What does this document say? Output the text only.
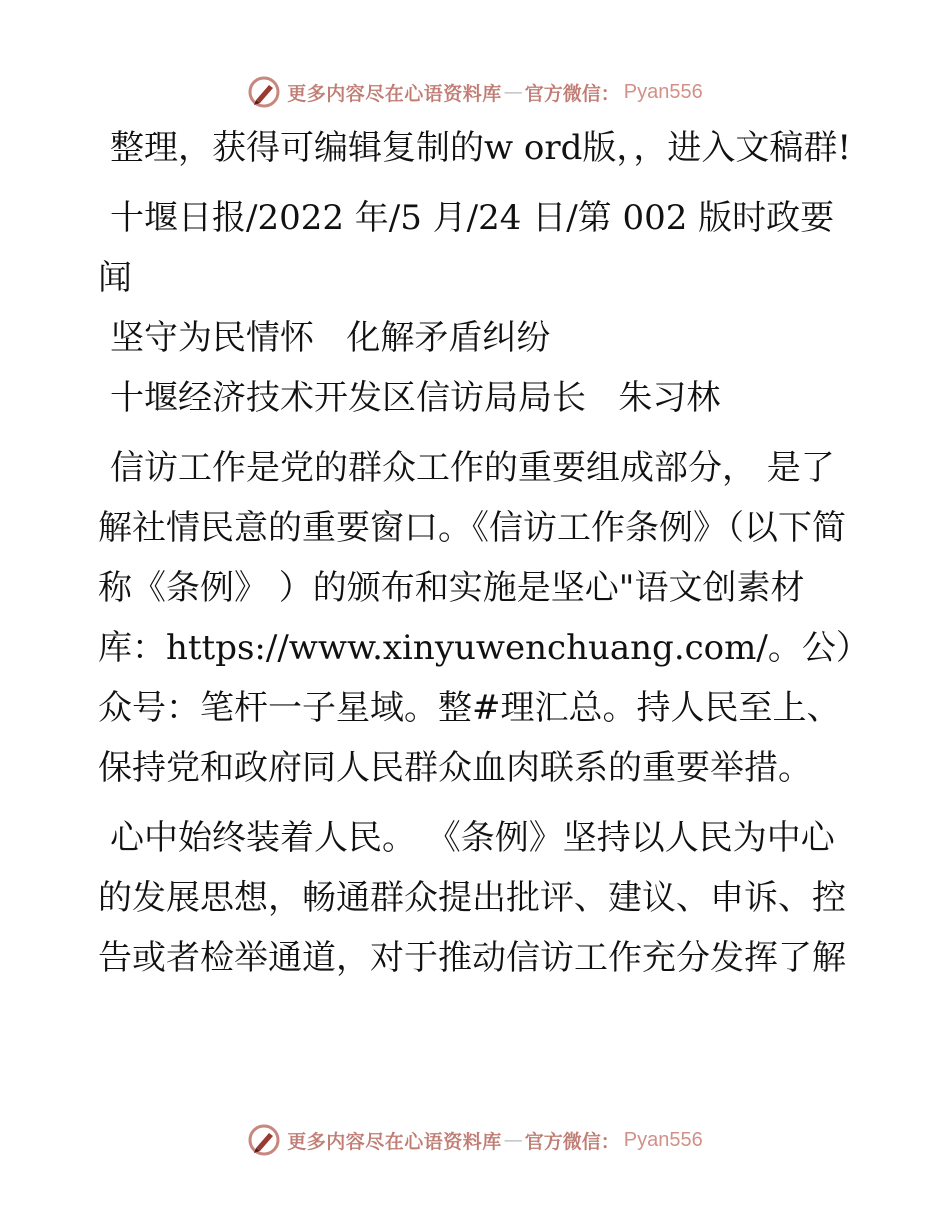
更多内容尽在心语资料库 — 官方微信： Pyan556

整理，获得可编辑复制的w ord版，，进入文稿群!

十堰日报/2022 年/5 月/24 日/第 002 版时政要闻

坚守为民情怀   化解矛盾纠纷

十堰经济技术开发区信访局局长   朱习林

信访工作是党的群众工作的重要组成部分， 是了解社情民意的重要窗口。《信访工作条例》（以下简称《条例》 ）的颁布和实施是坚心"语文创素材库：https://www.xinyuwenchuang.com/。公）众号：笔杆一子星域。整#理汇总。持人民至上、保持党和政府同人民群众血肉联系的重要举措。

心中始终装着人民。 《条例》坚持以人民为中心的发展思想，畅通群众提出批评、建议、申诉、控告或者检举通道，对于推动信访工作充分发挥了解

更多内容尽在心语资料库 — 官方微信： Pyan556
